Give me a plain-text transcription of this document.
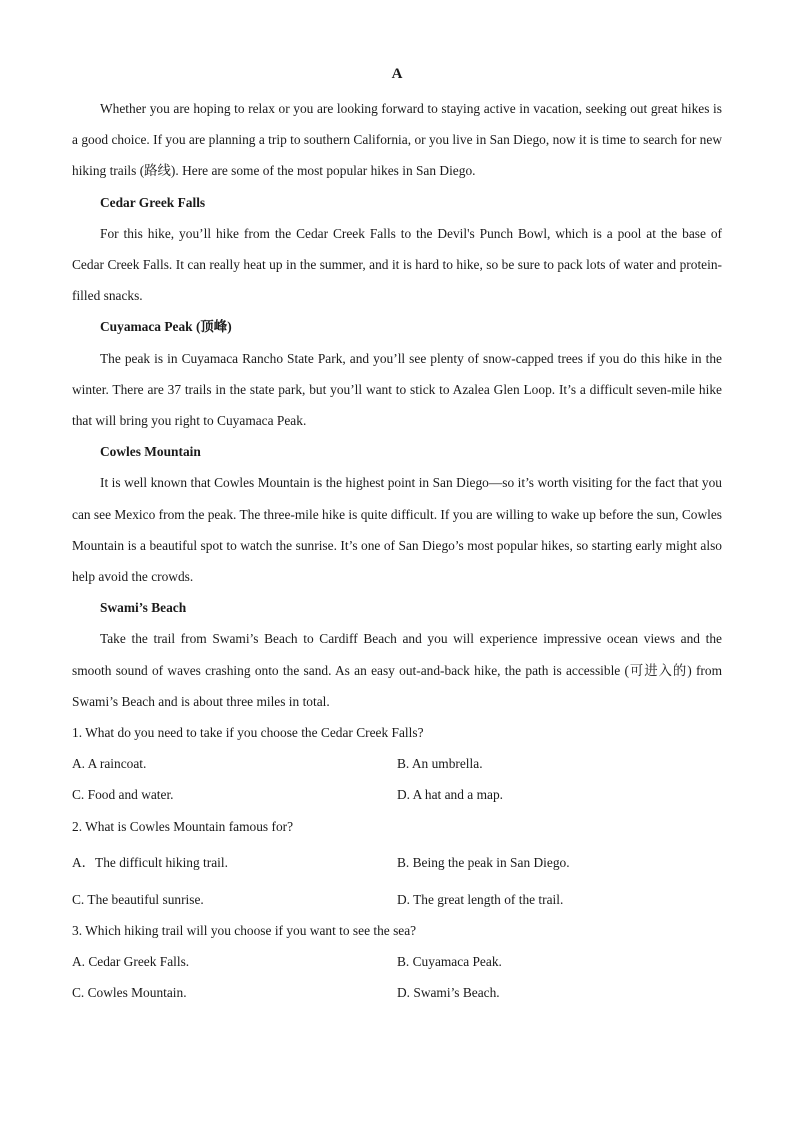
A

Whether you are hoping to relax or you are looking forward to staying active in vacation, seeking out great hikes is a good choice. If you are planning a trip to southern California, or you live in San Diego, now it is time to search for new hiking trails (路线). Here are some of the most popular hikes in San Diego.

Cedar Greek Falls

For this hike, you’ll hike from the Cedar Creek Falls to the Devil's Punch Bowl, which is a pool at the base of Cedar Creek Falls. It can really heat up in the summer, and it is hard to hike, so be sure to pack lots of water and protein-filled snacks.

Cuyamaca Peak (顶峰)

The peak is in Cuyamaca Rancho State Park, and you’ll see plenty of snow-capped trees if you do this hike in the winter. There are 37 trails in the state park, but you’ll want to stick to Azalea Glen Loop. It’s a difficult seven-mile hike that will bring you right to Cuyamaca Peak.

Cowles Mountain

It is well known that Cowles Mountain is the highest point in San Diego—so it’s worth visiting for the fact that you can see Mexico from the peak. The three-mile hike is quite difficult. If you are willing to wake up before the sun, Cowles Mountain is a beautiful spot to watch the sunrise. It’s one of San Diego’s most popular hikes, so starting early might also help avoid the crowds.

Swami’s Beach

Take the trail from Swami’s Beach to Cardiff Beach and you will experience impressive ocean views and the smooth sound of waves crashing onto the sand. As an easy out-and-back hike, the path is accessible (可进入的) from Swami’s Beach and is about three miles in total.

1. What do you need to take if you choose the Cedar Creek Falls?

A. A raincoat.	B. An umbrella.
C. Food and water.	D. A hat and a map.

2. What is Cowles Mountain famous for?

A．The difficult hiking trail.	B. Being the peak in San Diego.
C. The beautiful sunrise.	D. The great length of the trail.

3. Which hiking trail will you choose if you want to see the sea?

A. Cedar Greek Falls.	B. Cuyamaca Peak.
C. Cowles Mountain.	D. Swami’s Beach.
